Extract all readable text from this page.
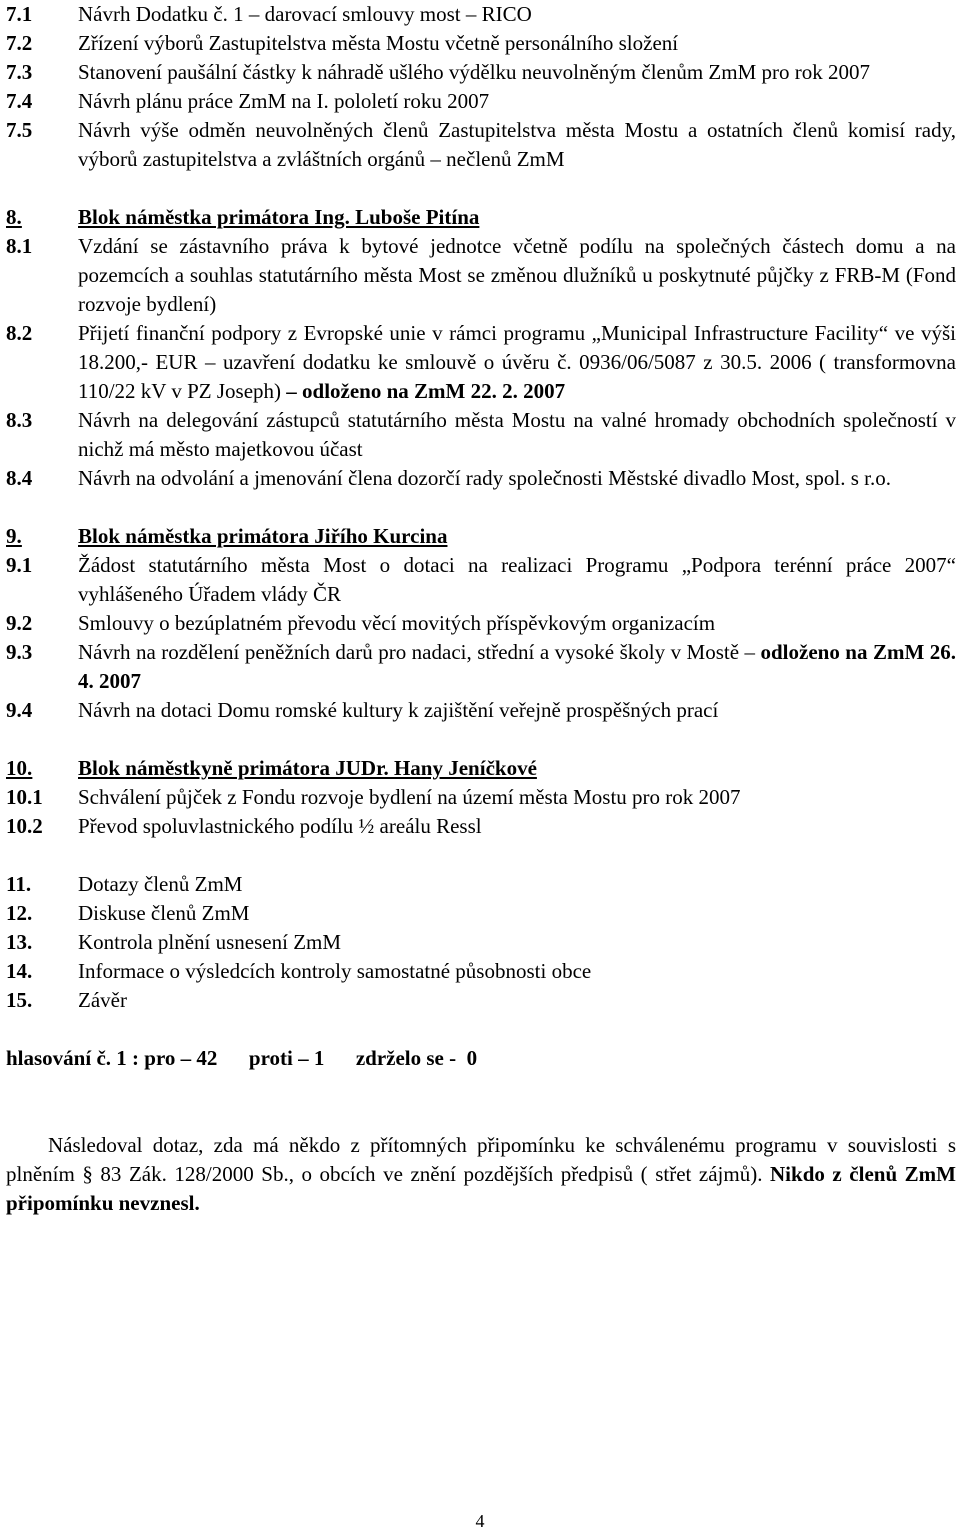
7.1	Návrh Dodatku č. 1 – darovací smlouvy most – RICO
7.2	Zřízení výborů Zastupitelstva města Mostu včetně personálního složení
7.3	Stanovení paušální částky k náhradě ušlého výdělku neuvolněným členům ZmM pro rok 2007
7.4	Návrh plánu práce ZmM na I. pololetí roku 2007
7.5	Návrh výše odměn neuvolněných členů Zastupitelstva města Mostu a ostatních členů komisí rady, výborů zastupitelstva a zvláštních orgánů – nečlenů ZmM
8.	Blok náměstka primátora Ing. Luboše Pitína
8.1	Vzdání se zástavního práva k bytové jednotce včetně podílu na společných částech domu a na pozemcích a souhlas statutárního města Most se změnou dlužníků u poskytnuté půjčky z FRB-M (Fond rozvoje bydlení)
8.2	Přijetí finanční podpory z Evropské unie v rámci programu „Municipal Infrastructure Facility“ ve výši 18.200,- EUR – uzavření dodatku ke smlouvě o úvěru č. 0936/06/5087 z 30.5. 2006 ( transformovna 110/22 kV v PZ Joseph) – odloženo na ZmM 22. 2. 2007
8.3	Návrh na delegování zástupců statutárního města Mostu na valné hromady obchodních společností v nichž má město majetkovou účast
8.4	Návrh na odvolání a jmenování člena dozorčí rady společnosti Městské divadlo Most, spol. s r.o.
9.	Blok náměstka primátora Jiřího Kurcina
9.1	Žádost statutárního města Most o dotaci na realizaci Programu „Podpora terénní práce 2007“ vyhlášeného Úřadem vlády ČR
9.2	Smlouvy o bezúplatném převodu věcí movitých příspěvkovým organizacím
9.3	Návrh na rozdělení peněžních darů pro nadaci, střední a vysoké školy v Mostě – odloženo na ZmM 26. 4. 2007
9.4	Návrh na dotaci Domu romské kultury k zajištění veřejně prospěšných prací
10.	Blok náměstkyně primátora JUDr. Hany Jeníčkové
10.1	Schválení půjček z Fondu rozvoje bydlení na území města Mostu pro rok 2007
10.2	Převod spoluvlastnického podílu ½ areálu Ressl
11.	Dotazy členů ZmM
12.	Diskuse členů ZmM
13.	Kontrola plnění usnesení ZmM
14.	Informace o výsledcích kontroly samostatné působnosti obce
15.	Závěr
hlasování č. 1 : pro – 42      proti – 1      zdrželo se -  0
Následoval dotaz, zda má někdo z přítomných připomínku ke schválenému programu v souvislosti s plněním § 83 Zák. 128/2000 Sb., o obcích ve znění pozdějších předpisů ( střet zájmů). Nikdo z členů ZmM připomínku nevznesl.
4
